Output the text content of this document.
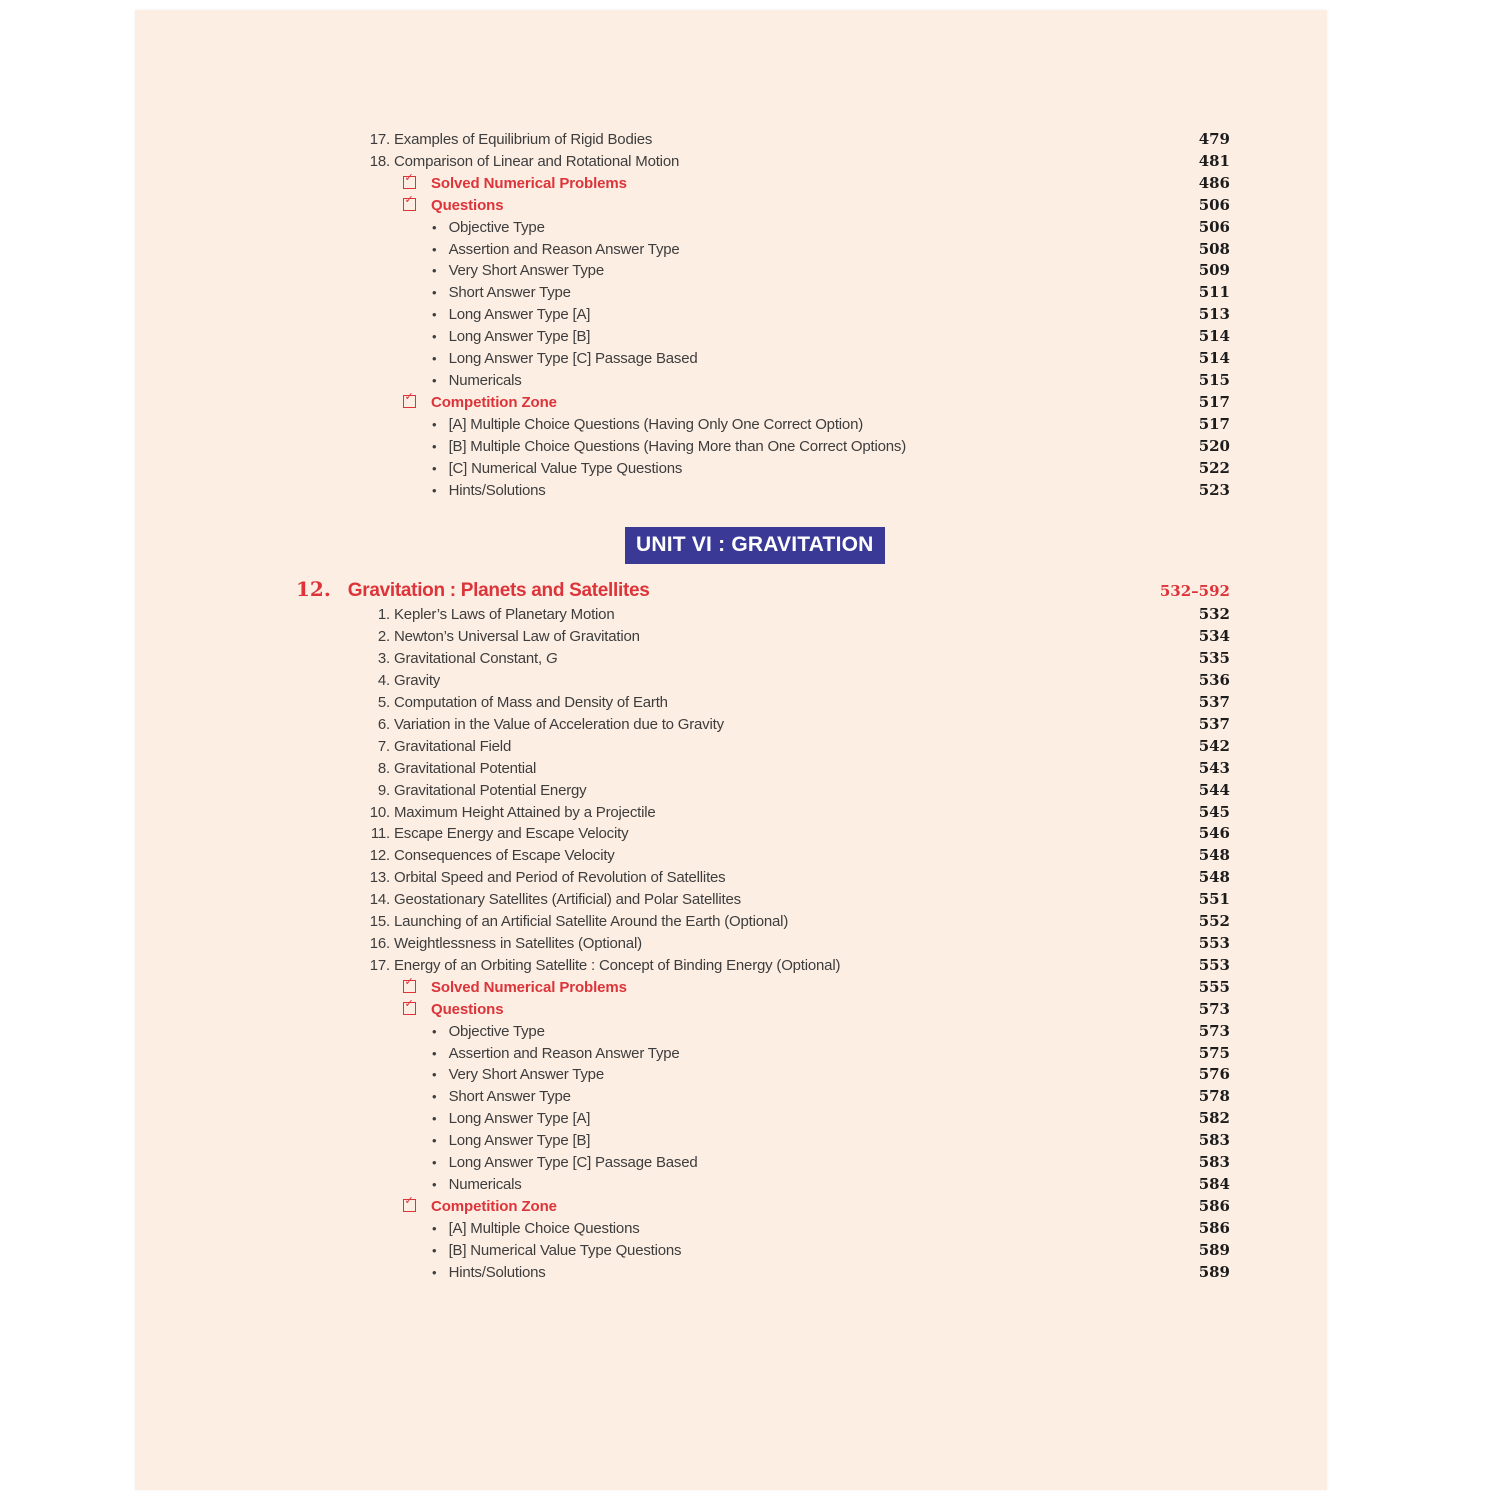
17. Examples of Equilibrium of Rigid Bodies	479
18. Comparison of Linear and Rotational Motion	481
✓ Solved Numerical Problems	486
✓ Questions	506
• Objective Type	506
• Assertion and Reason Answer Type	508
• Very Short Answer Type	509
• Short Answer Type	511
• Long Answer Type [A]	513
• Long Answer Type [B]	514
• Long Answer Type [C] Passage Based	514
• Numericals	515
✓ Competition Zone	517
• [A] Multiple Choice Questions (Having Only One Correct Option)	517
• [B] Multiple Choice Questions (Having More than One Correct Options)	520
• [C] Numerical Value Type Questions	522
• Hints/Solutions	523
UNIT VI : GRAVITATION
12. Gravitation : Planets and Satellites	532–592
1. Kepler’s Laws of Planetary Motion	532
2. Newton’s Universal Law of Gravitation	534
3. Gravitational Constant, G	535
4. Gravity	536
5. Computation of Mass and Density of Earth	537
6. Variation in the Value of Acceleration due to Gravity	537
7. Gravitational Field	542
8. Gravitational Potential	543
9. Gravitational Potential Energy	544
10. Maximum Height Attained by a Projectile	545
11. Escape Energy and Escape Velocity	546
12. Consequences of Escape Velocity	548
13. Orbital Speed and Period of Revolution of Satellites	548
14. Geostationary Satellites (Artificial) and Polar Satellites	551
15. Launching of an Artificial Satellite Around the Earth (Optional)	552
16. Weightlessness in Satellites (Optional)	553
17. Energy of an Orbiting Satellite : Concept of Binding Energy (Optional)	553
✓ Solved Numerical Problems	555
✓ Questions	573
• Objective Type	573
• Assertion and Reason Answer Type	575
• Very Short Answer Type	576
• Short Answer Type	578
• Long Answer Type [A]	582
• Long Answer Type [B]	583
• Long Answer Type [C] Passage Based	583
• Numericals	584
✓ Competition Zone	586
• [A] Multiple Choice Questions	586
• [B] Numerical Value Type Questions	589
• Hints/Solutions	589
